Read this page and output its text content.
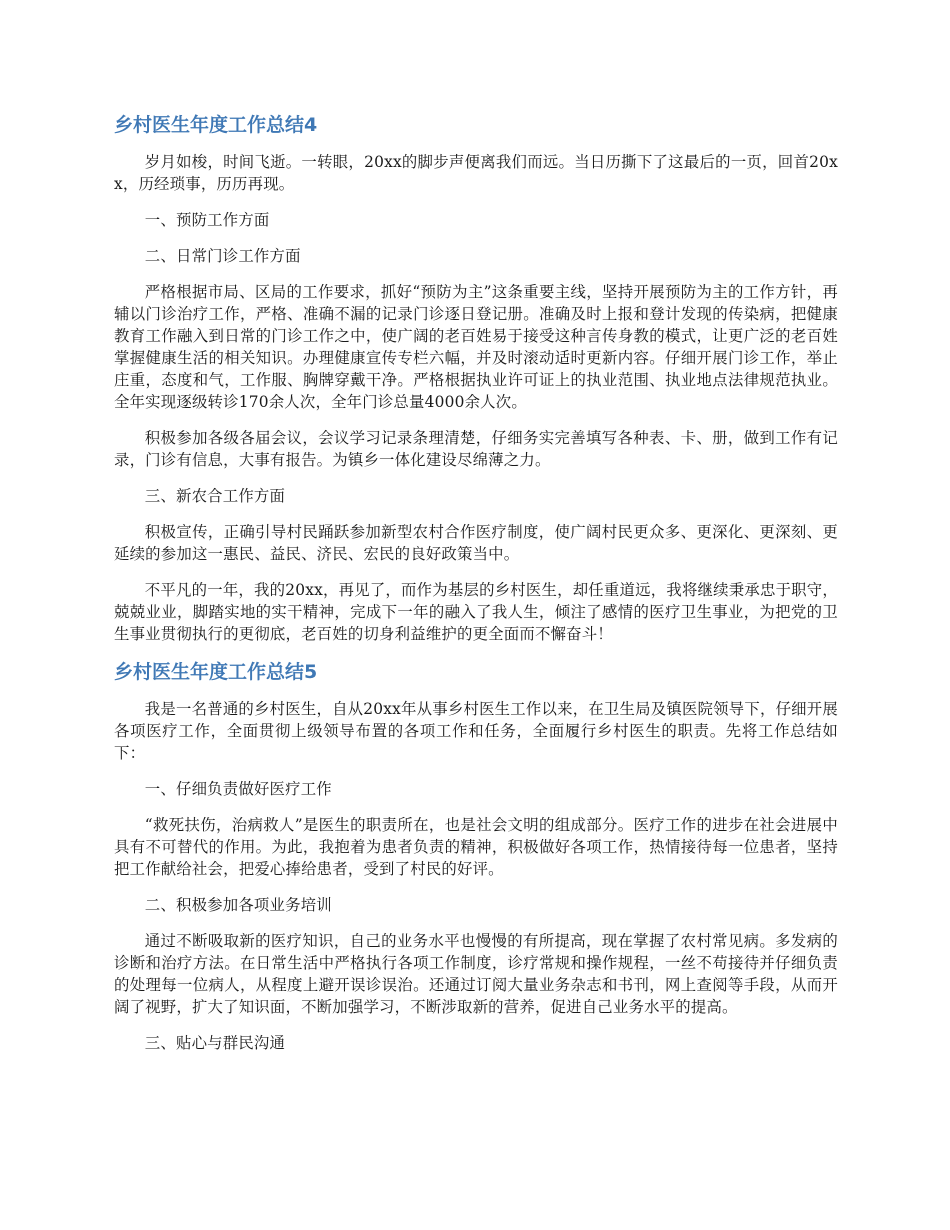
乡村医生年度工作总结4

岁月如梭，时间飞逝。一转眼，20xx的脚步声便离我们而远。当日历撕下了这最后的一页，回首20xx，历经琐事，历历再现。

一、预防工作方面

二、日常门诊工作方面

严格根据市局、区局的工作要求，抓好“预防为主”这条重要主线，坚持开展预防为主的工作方针，再辅以门诊治疗工作，严格、准确不漏的记录门诊逐日登记册。准确及时上报和登计发现的传染病，把健康教育工作融入到日常的门诊工作之中，使广阔的老百姓易于接受这种言传身教的模式，让更广泛的老百姓掌握健康生活的相关知识。办理健康宣传专栏六幅，并及时滚动适时更新内容。仔细开展门诊工作，举止庄重，态度和气，工作服、胸牌穿戴干净。严格根据执业许可证上的执业范围、执业地点法律规范执业。全年实现逐级转诊170余人次，全年门诊总量4000余人次。

积极参加各级各届会议，会议学习记录条理清楚，仔细务实完善填写各种表、卡、册，做到工作有记录，门诊有信息，大事有报告。为镇乡一体化建设尽绵薄之力。

三、新农合工作方面

积极宣传，正确引导村民踊跃参加新型农村合作医疗制度，使广阔村民更众多、更深化、更深刻、更延续的参加这一惠民、益民、济民、宏民的良好政策当中。

不平凡的一年，我的20xx，再见了，而作为基层的乡村医生，却任重道远，我将继续秉承忠于职守，兢兢业业，脚踏实地的实干精神，完成下一年的融入了我人生，倾注了感情的医疗卫生事业，为把党的卫生事业贯彻执行的更彻底，老百姓的切身利益维护的更全面而不懈奋斗！

乡村医生年度工作总结5

我是一名普通的乡村医生，自从20xx年从事乡村医生工作以来，在卫生局及镇医院领导下，仔细开展各项医疗工作，全面贯彻上级领导布置的各项工作和任务，全面履行乡村医生的职责。先将工作总结如下：

一、仔细负责做好医疗工作

“救死扶伤，治病救人”是医生的职责所在，也是社会文明的组成部分。医疗工作的进步在社会进展中具有不可替代的作用。为此，我抱着为患者负责的精神，积极做好各项工作，热情接待每一位患者，坚持把工作献给社会，把爱心捧给患者，受到了村民的好评。

二、积极参加各项业务培训

通过不断吸取新的医疗知识，自己的业务水平也慢慢的有所提高，现在掌握了农村常见病。多发病的诊断和治疗方法。在日常生活中严格执行各项工作制度，诊疗常规和操作规程，一丝不苟接待并仔细负责的处理每一位病人，从程度上避开误诊误治。还通过订阅大量业务杂志和书刊，网上查阅等手段，从而开阔了视野，扩大了知识面，不断加强学习，不断涉取新的营养，促进自己业务水平的提高。

三、贴心与群民沟通
